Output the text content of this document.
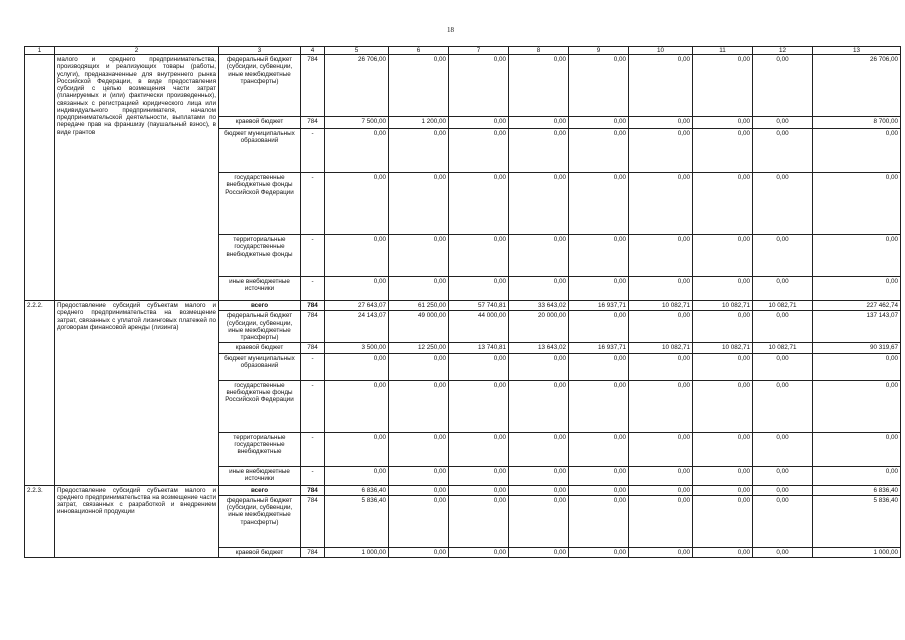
18
1	2	3	4	5	6	7	8	9	10	11	12	13
	малого и среднего предпринимательства, производящих и реализующих товары (работы, услуги), предназначенные для внутреннего рынка Российской Федерации, в виде предоставления субсидий с целью возмещения части затрат (планируемых и (или) фактически произведенных), связанных с регистрацией юридического лица или индивидуального предпринимателя, началом предпринимательской деятельности, выплатами по передаче прав на франшизу (паушальный взнос), в виде грантов	федеральный бюджет (субсидии, субвенции, иные межбюджетные трансферты)	784	26 706,00	0,00	0,00	0,00	0,00	0,00	0,00	0,00	26 706,00
		краевой бюджет	784	7 500,00	1 200,00	0,00	0,00	0,00	0,00	0,00	0,00	8 700,00
		бюджет муниципальных образований	-	0,00	0,00	0,00	0,00	0,00	0,00	0,00	0,00	0,00
		государственные внебюджетные фонды Российской Федерации	-	0,00	0,00	0,00	0,00	0,00	0,00	0,00	0,00	0,00
		территориальные государственные внебюджетные фонды	-	0,00	0,00	0,00	0,00	0,00	0,00	0,00	0,00	0,00
		иные внебюджетные источники	-	0,00	0,00	0,00	0,00	0,00	0,00	0,00	0,00	0,00
2.2.2.	Предоставление субсидий субъектам малого и среднего предпринимательства на возмещение затрат, связанных с уплатой лизинговых платежей по договорам финансовой аренды (лизинга)	всего	784	27 643,07	61 250,00	57 740,81	33 643,02	16 937,71	10 082,71	10 082,71	10 082,71	227 462,74
		федеральный бюджет (субсидии, субвенции, иные межбюджетные трансферты)	784	24 143,07	49 000,00	44 000,00	20 000,00	0,00	0,00	0,00	0,00	137 143,07
		краевой бюджет	784	3 500,00	12 250,00	13 740,81	13 643,02	16 937,71	10 082,71	10 082,71	10 082,71	90 319,67
		бюджет муниципальных образований	-	0,00	0,00	0,00	0,00	0,00	0,00	0,00	0,00	0,00
		государственные внебюджетные фонды Российской Федерации	-	0,00	0,00	0,00	0,00	0,00	0,00	0,00	0,00	0,00
		территориальные государственные внебюджетные	-	0,00	0,00	0,00	0,00	0,00	0,00	0,00	0,00	0,00
		иные внебюджетные источники	-	0,00	0,00	0,00	0,00	0,00	0,00	0,00	0,00	0,00
2.2.3.	Предоставление субсидий субъектам малого и среднего предпринимательства на возмещение части затрат, связанных с разработкой и внедрением инновационной продукции	всего	784	6 836,40	0,00	0,00	0,00	0,00	0,00	0,00	0,00	6 836,40
		федеральный бюджет (субсидии, субвенции, иные межбюджетные трансферты)	784	5 836,40	0,00	0,00	0,00	0,00	0,00	0,00	0,00	5 836,40
		краевой бюджет	784	1 000,00	0,00	0,00	0,00	0,00	0,00	0,00	0,00	1 000,00
